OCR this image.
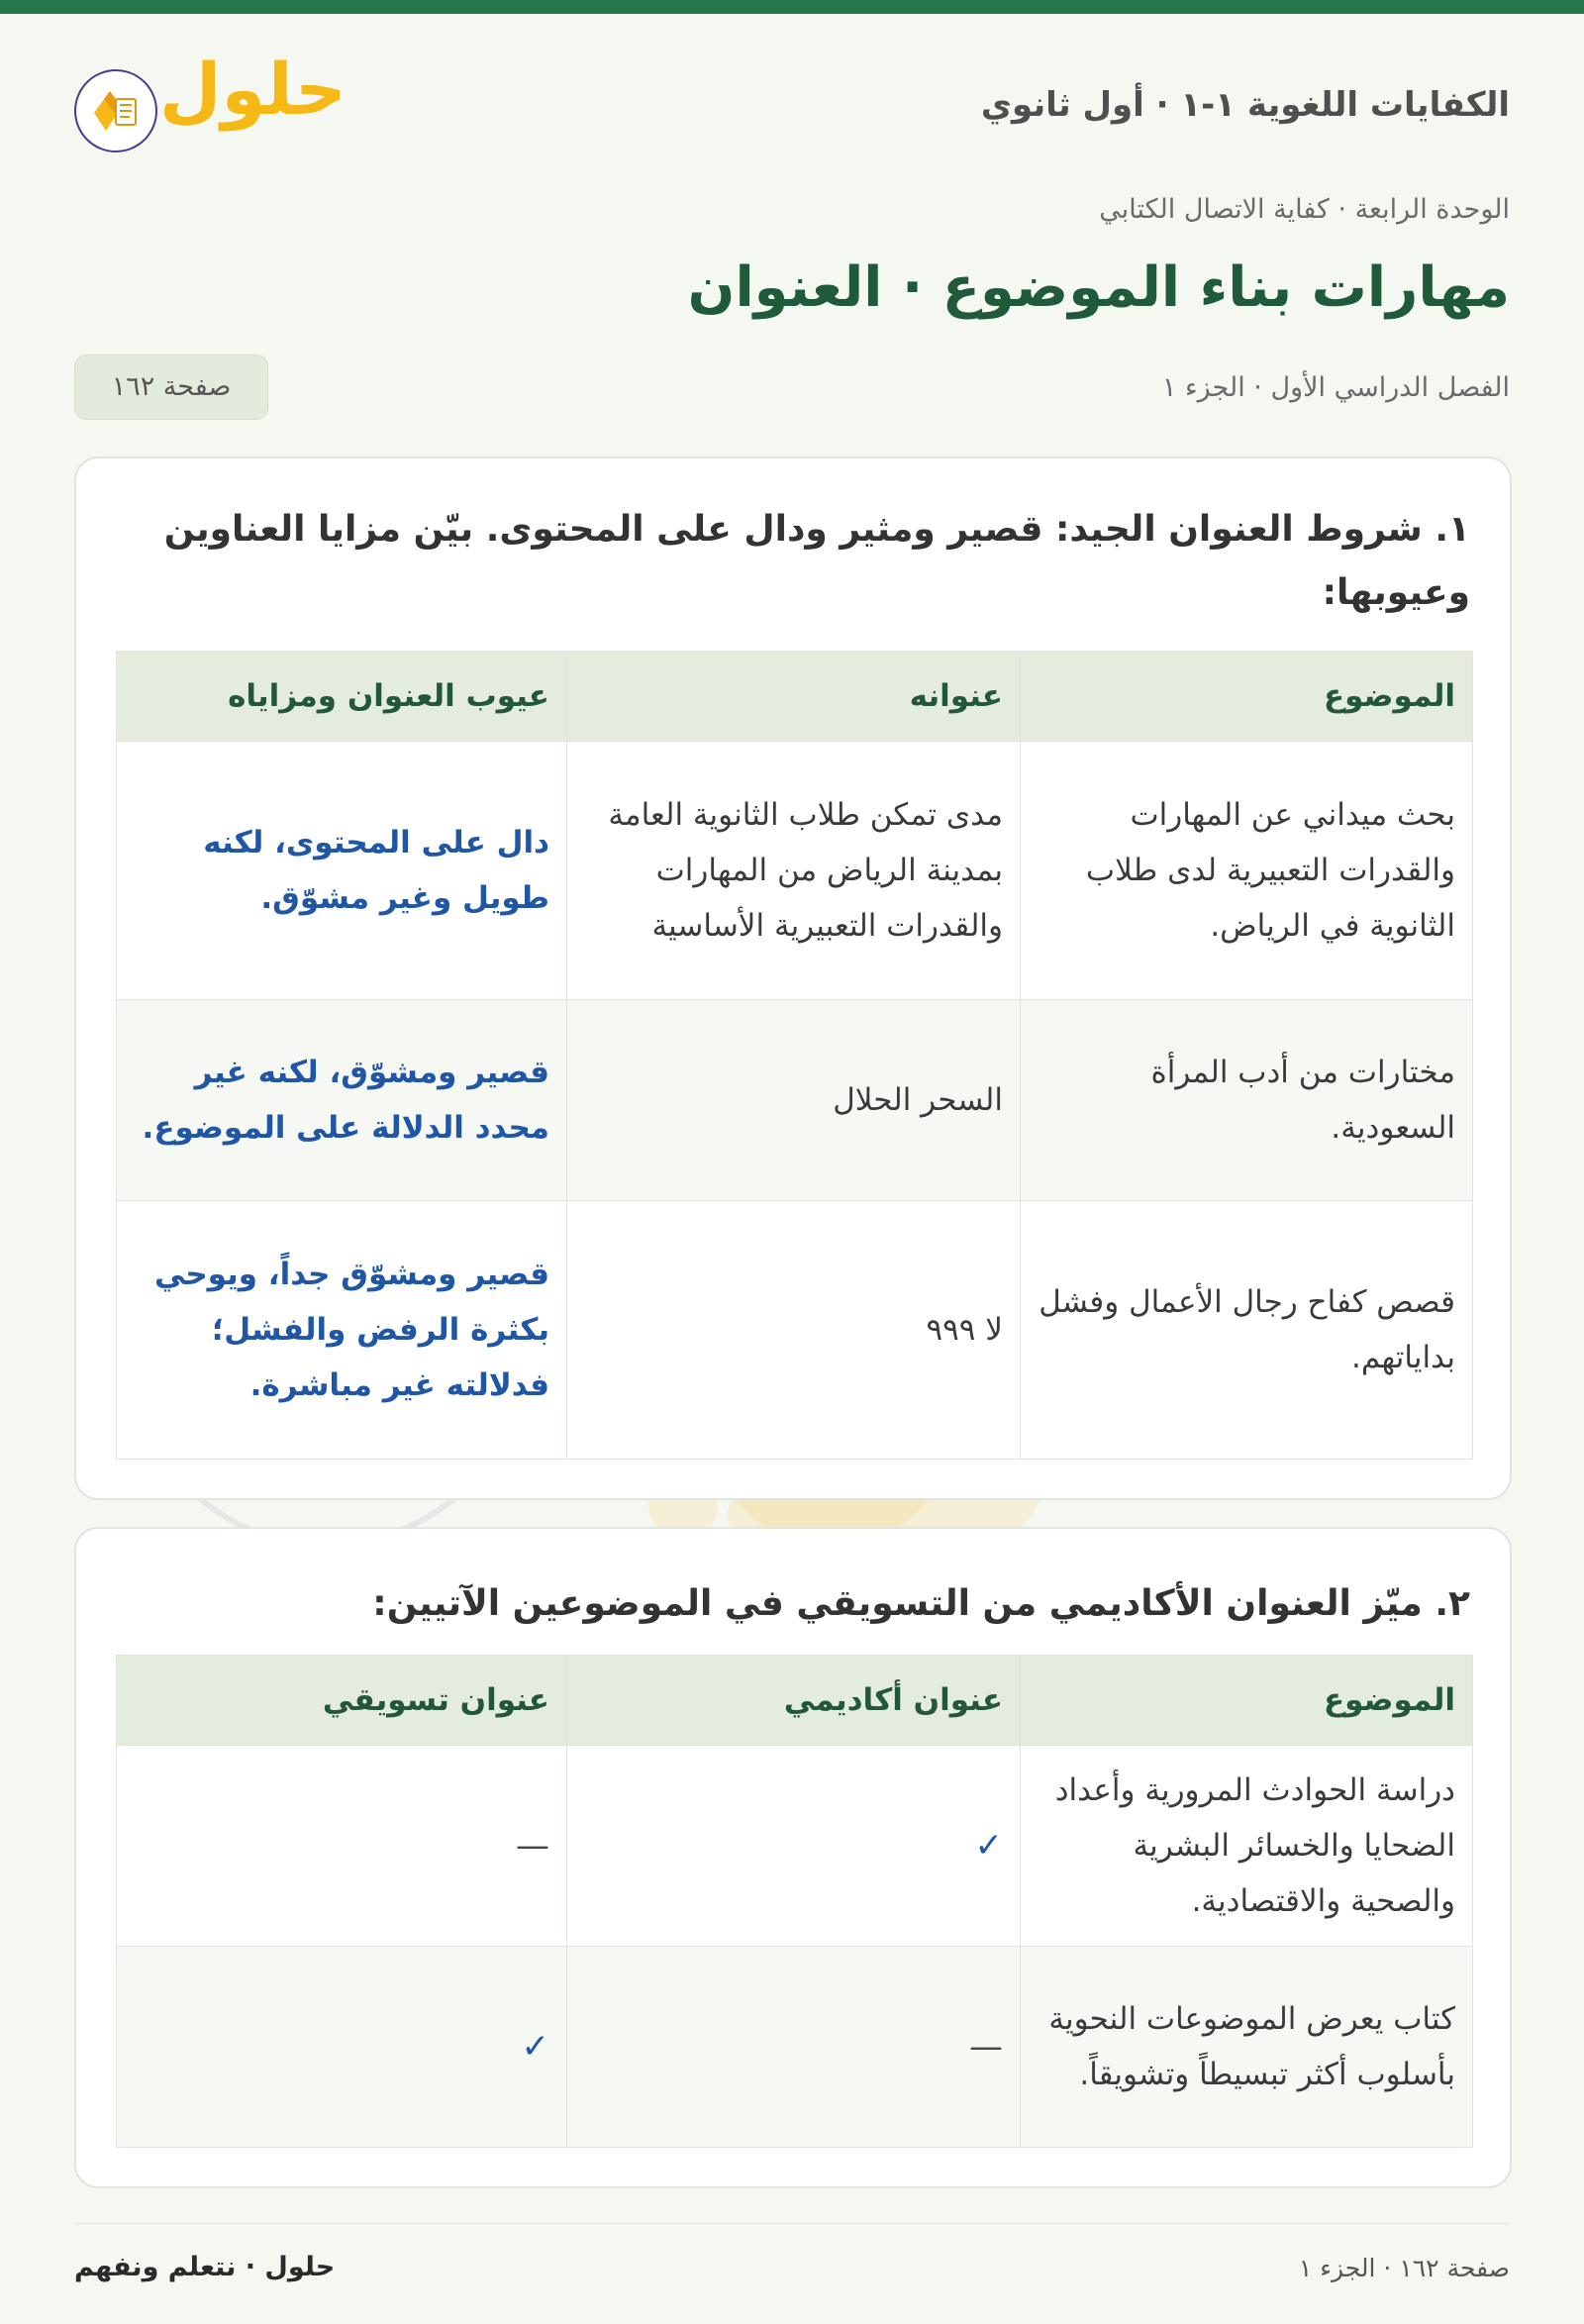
الكفايات اللغوية ١-١ · أول ثانوي
حلول
الوحدة الرابعة · كفاية الاتصال الكتابي
مهارات بناء الموضوع · العنوان
الفصل الدراسي الأول · الجزء ١
صفحة ١٦٢

١. شروط العنوان الجيد: قصير ومثير ودال على المحتوى. بيّن مزايا العناوين وعيوبها:

الموضوع	عنوانه	عيوب العنوان ومزاياه
بحث ميداني عن المهارات والقدرات التعبيرية لدى طلاب الثانوية في الرياض.	مدى تمكن طلاب الثانوية العامة بمدينة الرياض من المهارات والقدرات التعبيرية الأساسية	دال على المحتوى، لكنه طويل وغير مشوّق.
مختارات من أدب المرأة السعودية.	السحر الحلال	قصير ومشوّق، لكنه غير محدد الدلالة على الموضوع.
قصص كفاح رجال الأعمال وفشل بداياتهم.	لا ٩٩٩	قصير ومشوّق جداً، ويوحي بكثرة الرفض والفشل؛ فدلالته غير مباشرة.

٢. ميّز العنوان الأكاديمي من التسويقي في الموضوعين الآتيين:

الموضوع	عنوان أكاديمي	عنوان تسويقي
دراسة الحوادث المرورية وأعداد الضحايا والخسائر البشرية والصحية والاقتصادية.	✓	—
كتاب يعرض الموضوعات النحوية بأسلوب أكثر تبسيطاً وتشويقاً.	—	✓
صفحة ١٦٢ · الجزء ١
حلول · نتعلم ونفهم
